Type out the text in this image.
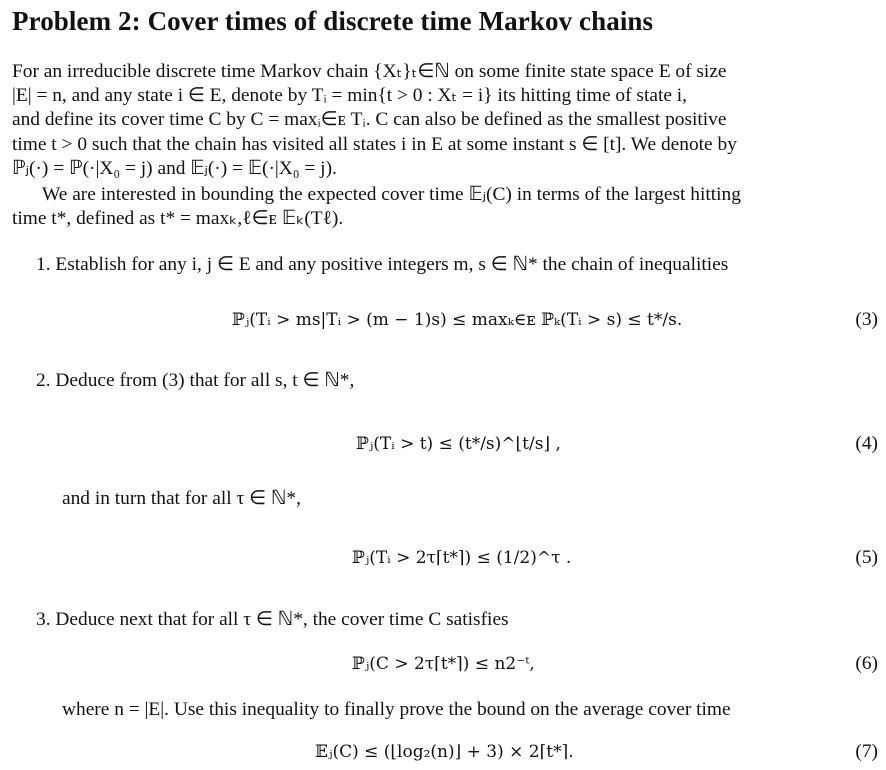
Problem 2: Cover times of discrete time Markov chains
For an irreducible discrete time Markov chain {Xₜ}ₜ∈ℕ on some finite state space E of size
|E| = n, and any state i ∈ E, denote by Tᵢ = min{t > 0 : Xₜ = i} its hitting time of state i,
and define its cover time C by C = maxᵢ∈ᴇ Tᵢ. C can also be defined as the smallest positive
time t > 0 such that the chain has visited all states i in E at some instant s ∈ [t]. We denote by
ℙⱼ(·) = ℙ(·|X₀ = j) and 𝔼ⱼ(·) = 𝔼(·|X₀ = j).
We are interested in bounding the expected cover time 𝔼ⱼ(C) in terms of the largest hitting
time t*, defined as t* = maxₖ,ℓ∈ᴇ 𝔼ₖ(Tℓ).
1. Establish for any i, j ∈ E and any positive integers m, s ∈ ℕ* the chain of inequalities
ℙⱼ(Tᵢ > ms|Tᵢ > (m − 1)s) ≤ maxₖ∈ᴇ ℙₖ(Tᵢ > s) ≤ t*/s.	(3)
2. Deduce from (3) that for all s, t ∈ ℕ*,
ℙⱼ(Tᵢ > t) ≤ (t*/s)^⌊t/s⌋ ,	(4)
and in turn that for all τ ∈ ℕ*,
ℙⱼ(Tᵢ > 2τ⌈t*⌉) ≤ (1/2)^τ .	(5)
3. Deduce next that for all τ ∈ ℕ*, the cover time C satisfies
ℙⱼ(C > 2τ⌈t*⌉) ≤ n2⁻ᵗ,	(6)
where n = |E|. Use this inequality to finally prove the bound on the average cover time
𝔼ⱼ(C) ≤ (⌊log₂(n)⌋ + 3) × 2⌈t*⌉.	(7)
